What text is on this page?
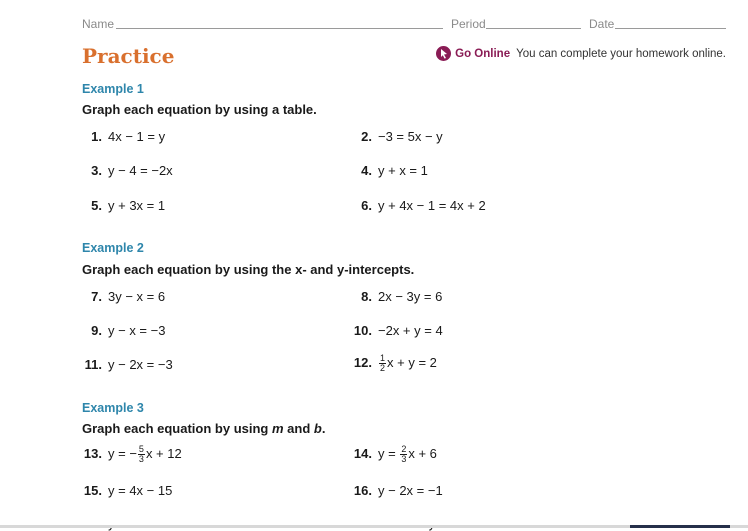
Name	Period	Date
Practice	Go Online You can complete your homework online.
Example 1
Graph each equation by using a table.
1. 4x − 1 = y	2. −3 = 5x − y
3. y − 4 = −2x	4. y + x = 1
5. y + 3x = 1	6. y + 4x − 1 = 4x + 2
Example 2
Graph each equation by using the x- and y-intercepts.
7. 3y − x = 6	8. 2x − 3y = 6
9. y − x = −3	10. −2x + y = 4
11. y − 2x = −3	12. $\frac{1}{2}$ x + y = 2
Example 3
Graph each equation by using m and b.
13. y = − $\frac{5}{3}$ x + 12	14. $y = \frac{2}{3}$ x + 6
15. y = 4x − 15	16. y − 2x = −1
